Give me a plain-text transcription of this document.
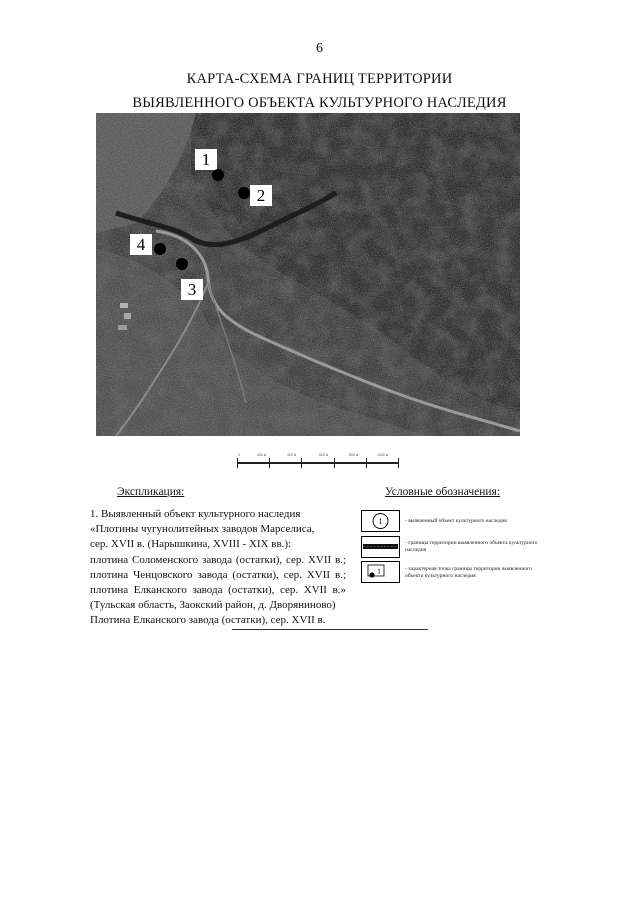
6
КАРТА-СХЕМА ГРАНИЦ ТЕРРИТОРИИ
ВЫЯВЛЕННОГО ОБЪЕКТА КУЛЬТУРНОГО НАСЛЕДИЯ
1
2
4
3
0	200 м	400 м	600 м	800 м	1000 м
Экспликация:	Условные обозначения:
1. Выявленный объект культурного наследия
«Плотины чугунолитейных заводов Марселиса,
сер. XVII в. (Нарышкина, XVIII - XIX вв.):
плотина Соломенского завода (остатки), сер. XVII в.;
плотина Ченцовского завода (остатки), сер. XVII в.;
плотина Елканского завода (остатки), сер. XVII в.»
(Тульская область, Заокский район, д. Дворяниново)
Плотина Елканского завода (остатки), сер. XVII в.
1	- выявленный объект культурного наследия
- границы территории выявленного объекта культурного наследия
1	- характерная точка границы территории выявленного объекта культурного наследия
